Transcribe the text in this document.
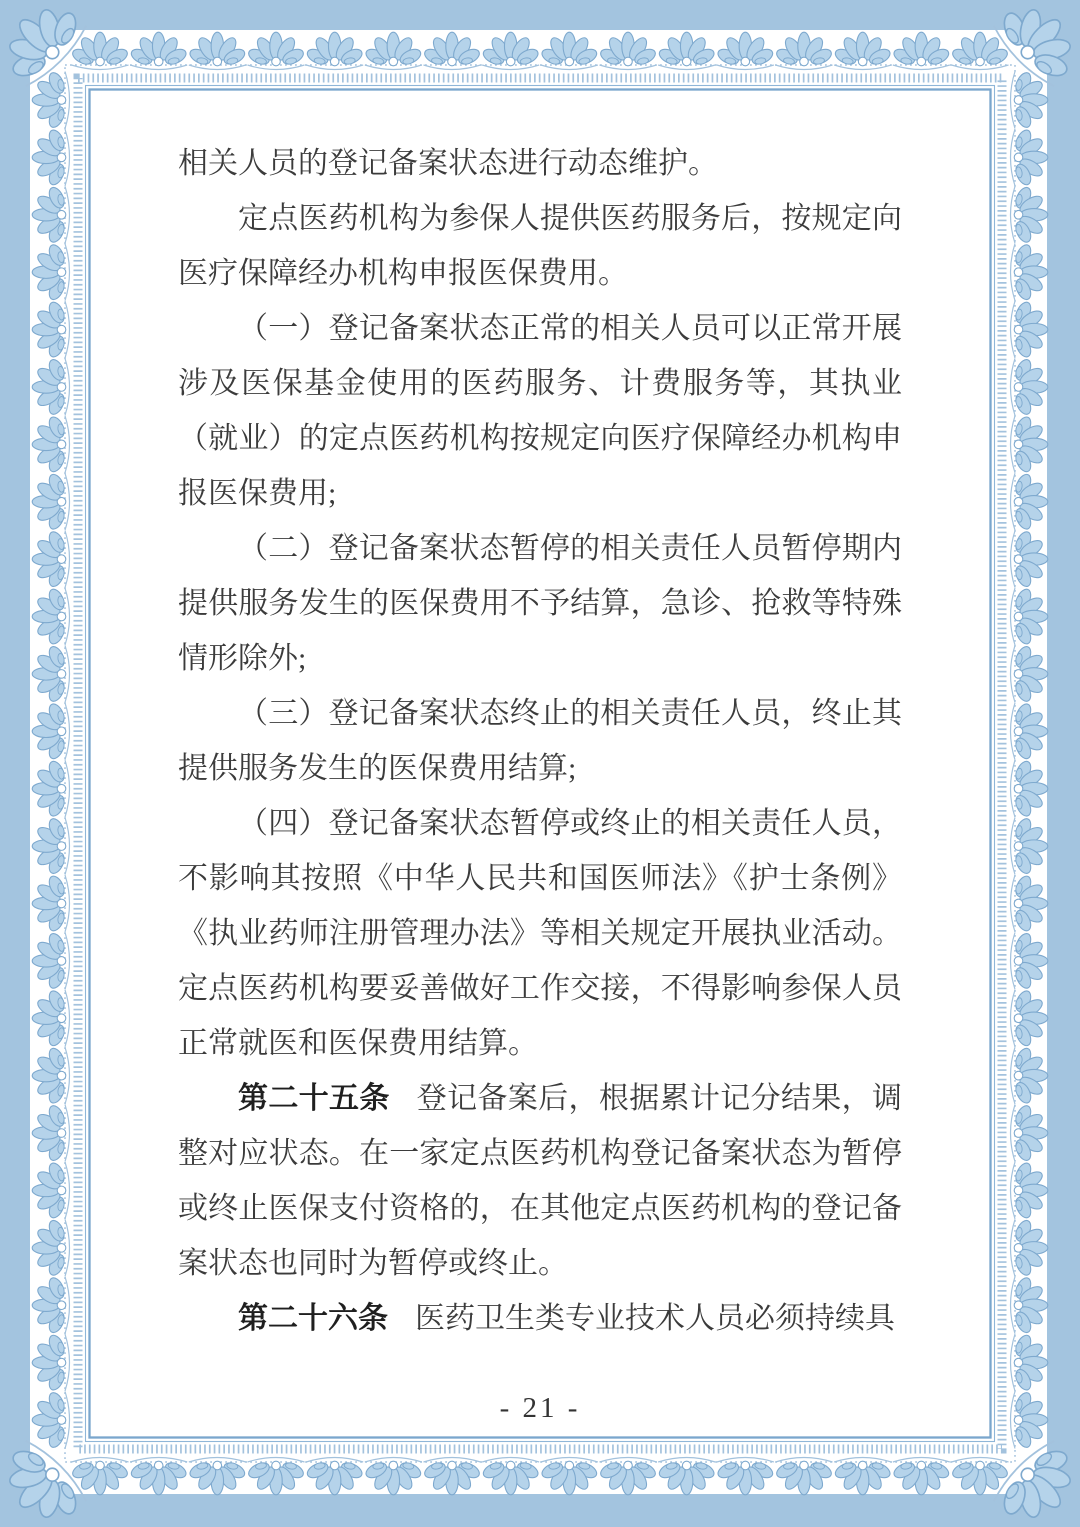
相关人员的登记备案状态进行动态维护。

定点医药机构为参保人提供医药服务后，按规定向医疗保障经办机构申报医保费用。

（一）登记备案状态正常的相关人员可以正常开展涉及医保基金使用的医药服务、计费服务等，其执业（就业）的定点医药机构按规定向医疗保障经办机构申报医保费用;

（二）登记备案状态暂停的相关责任人员暂停期内提供服务发生的医保费用不予结算，急诊、抢救等特殊情形除外;

（三）登记备案状态终止的相关责任人员，终止其提供服务发生的医保费用结算;

（四）登记备案状态暂停或终止的相关责任人员，不影响其按照《中华人民共和国医师法》《护士条例》《执业药师注册管理办法》等相关规定开展执业活动。定点医药机构要妥善做好工作交接，不得影响参保人员正常就医和医保费用结算。

第二十五条 登记备案后，根据累计记分结果，调整对应状态。在一家定点医药机构登记备案状态为暂停或终止医保支付资格的，在其他定点医药机构的登记备案状态也同时为暂停或终止。

第二十六条 医药卫生类专业技术人员必须持续具

- 21 -
